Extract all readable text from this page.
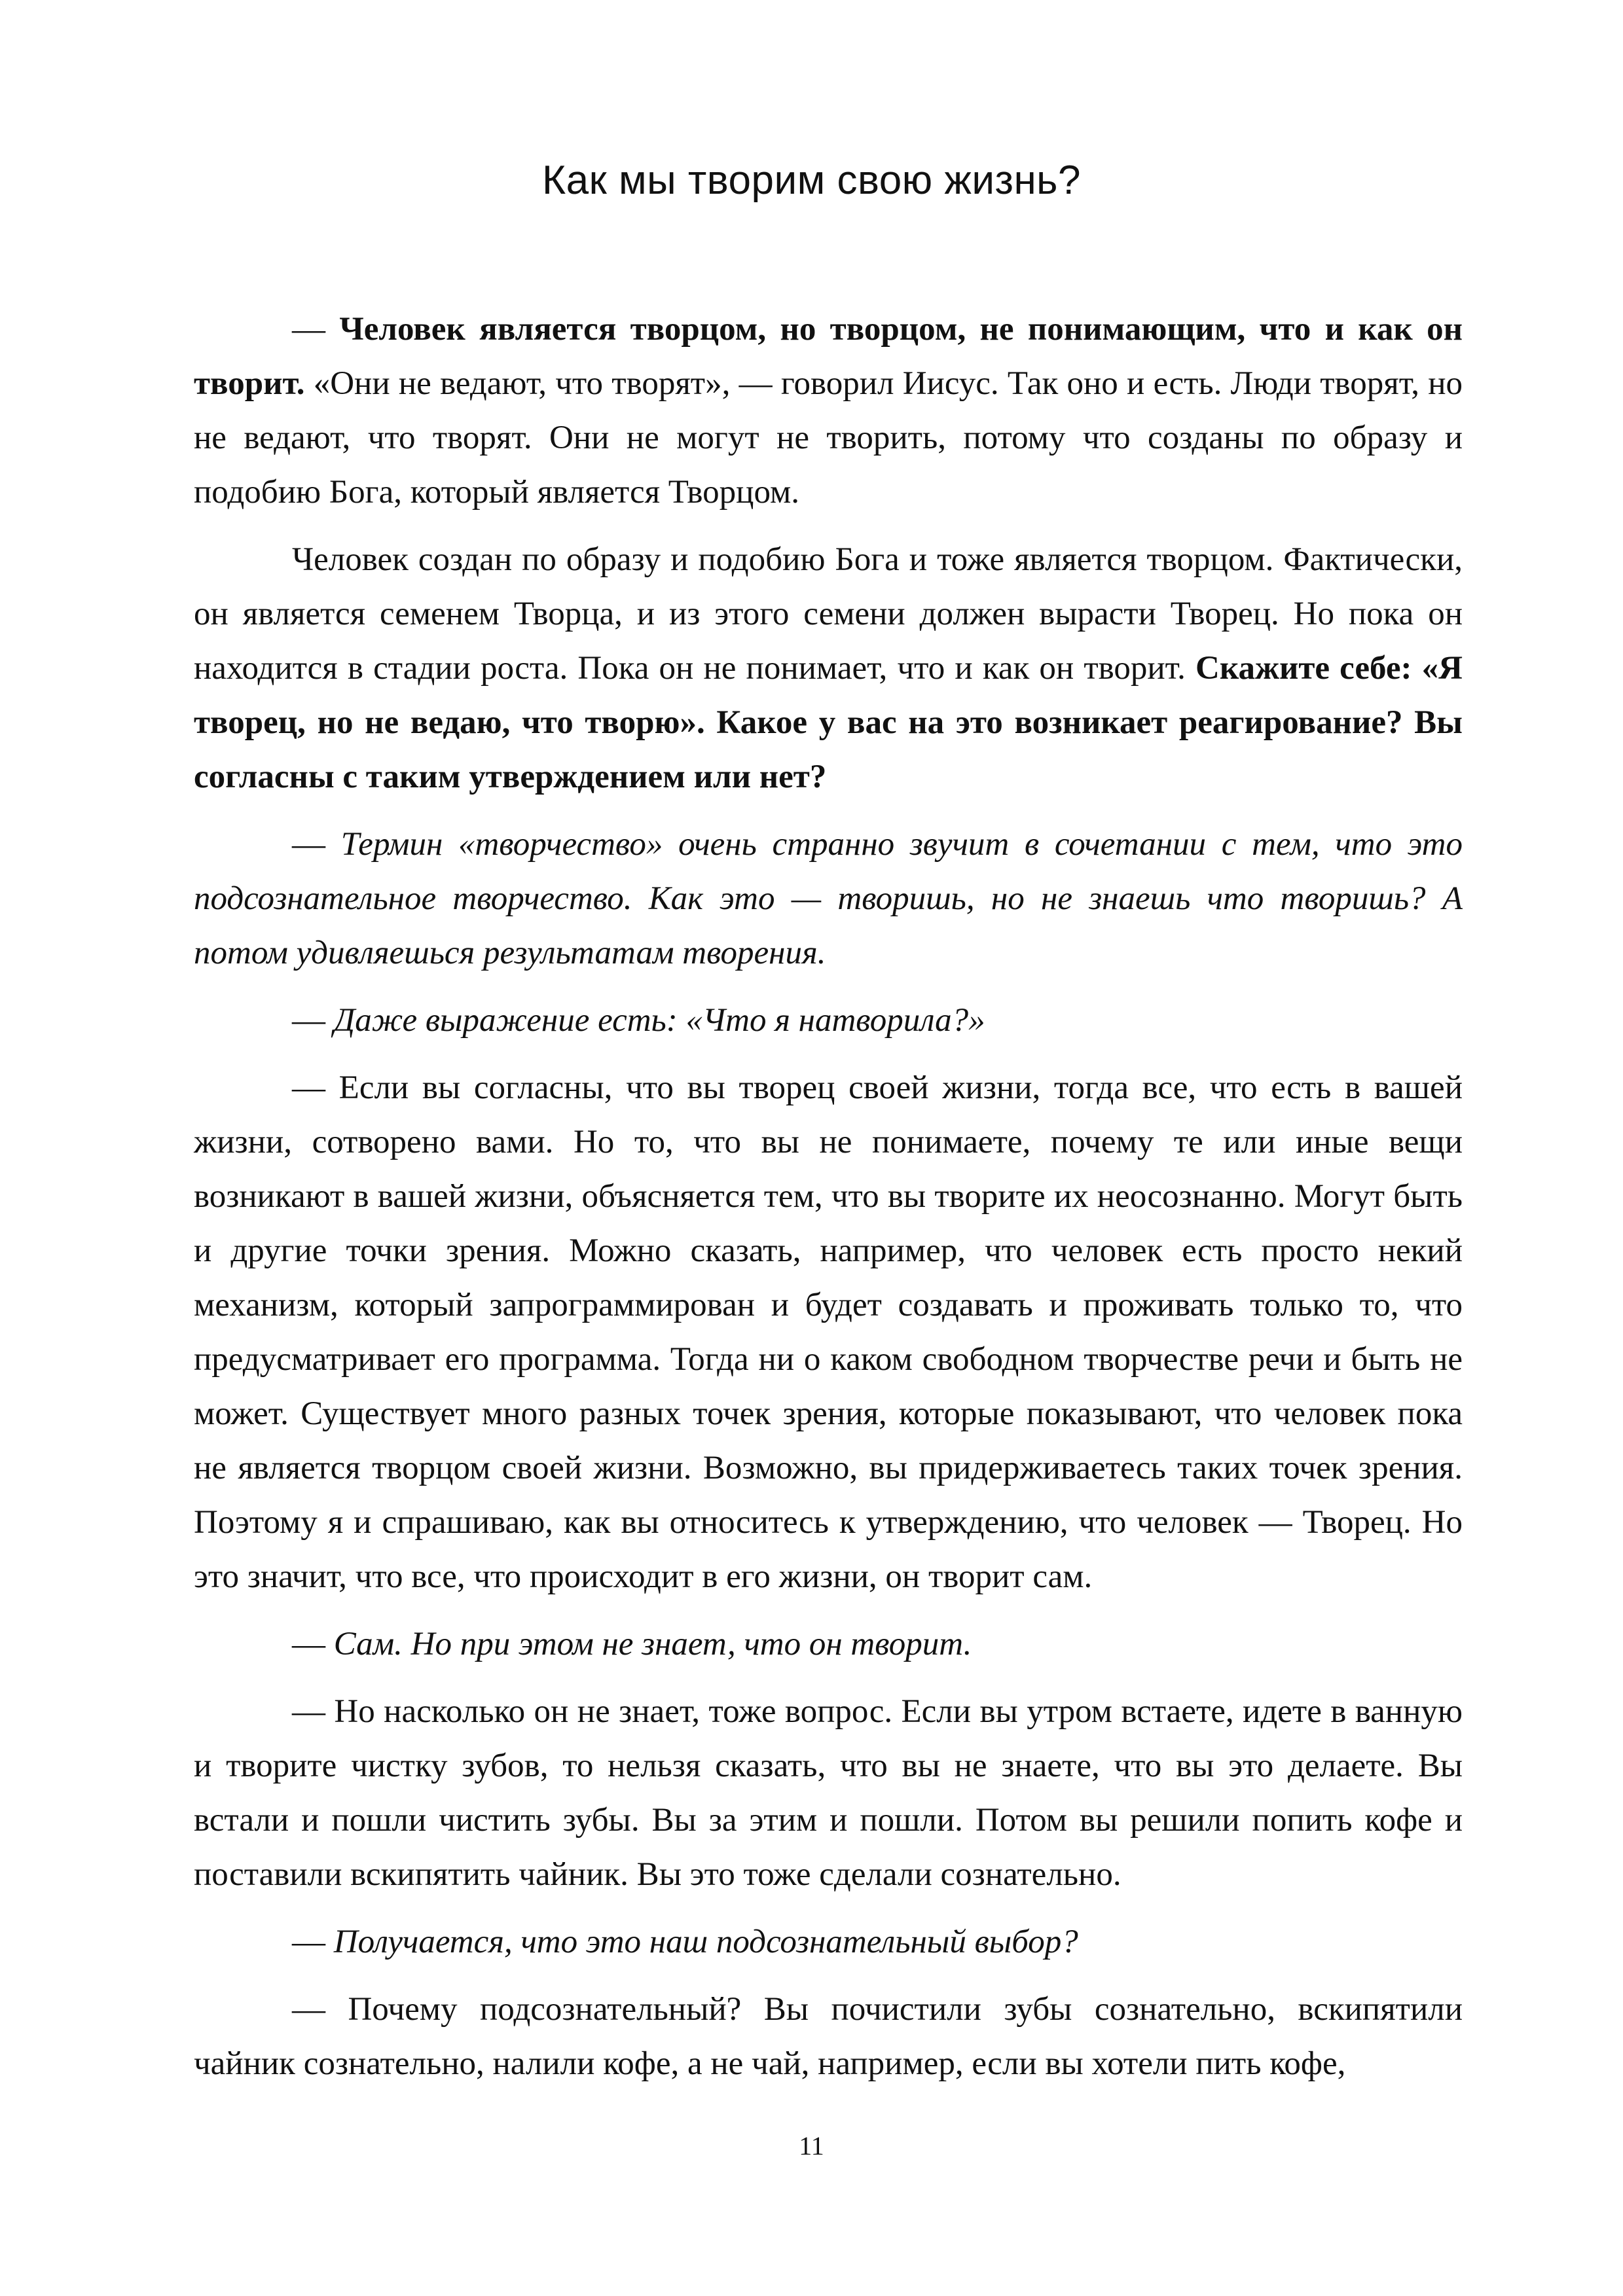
Как мы творим свою жизнь?

— Человек является творцом, но творцом, не понимающим, что и как он творит. «Они не ведают, что творят», — говорил Иисус. Так оно и есть. Люди творят, но не ведают, что творят. Они не могут не творить, потому что созданы по образу и подобию Бога, который является Творцом.

Человек создан по образу и подобию Бога и тоже является творцом. Фактически, он является семенем Творца, и из этого семени должен вырасти Творец. Но пока он находится в стадии роста. Пока он не понимает, что и как он творит. Скажите себе: «Я творец, но не ведаю, что творю». Какое у вас на это возникает реагирование? Вы согласны с таким утверждением или нет?

— Термин «творчество» очень странно звучит в сочетании с тем, что это подсознательное творчество. Как это — творишь, но не знаешь что творишь? А потом удивляешься результатам творения.

— Даже выражение есть: «Что я натворила?»

— Если вы согласны, что вы творец своей жизни, тогда все, что есть в вашей жизни, сотворено вами. Но то, что вы не понимаете, почему те или иные вещи возникают в вашей жизни, объясняется тем, что вы творите их неосознанно. Могут быть и другие точки зрения. Можно сказать, например, что человек есть просто некий механизм, который запрограммирован и будет создавать и проживать только то, что предусматривает его программа. Тогда ни о каком свободном творчестве речи и быть не может. Существует много разных точек зрения, которые показывают, что человек пока не является творцом своей жизни. Возможно, вы придерживаетесь таких точек зрения. Поэтому я и спрашиваю, как вы относитесь к утверждению, что человек — Творец. Но это значит, что все, что происходит в его жизни, он творит сам.

— Сам. Но при этом не знает, что он творит.

— Но насколько он не знает, тоже вопрос. Если вы утром встаете, идете в ванную и творите чистку зубов, то нельзя сказать, что вы не знаете, что вы это делаете. Вы встали и пошли чистить зубы. Вы за этим и пошли. Потом вы решили попить кофе и поставили вскипятить чайник. Вы это тоже сделали сознательно.

— Получается, что это наш подсознательный выбор?

— Почему подсознательный? Вы почистили зубы сознательно, вскипятили чайник сознательно, налили кофе, а не чай, например, если вы хотели пить кофе,

11
